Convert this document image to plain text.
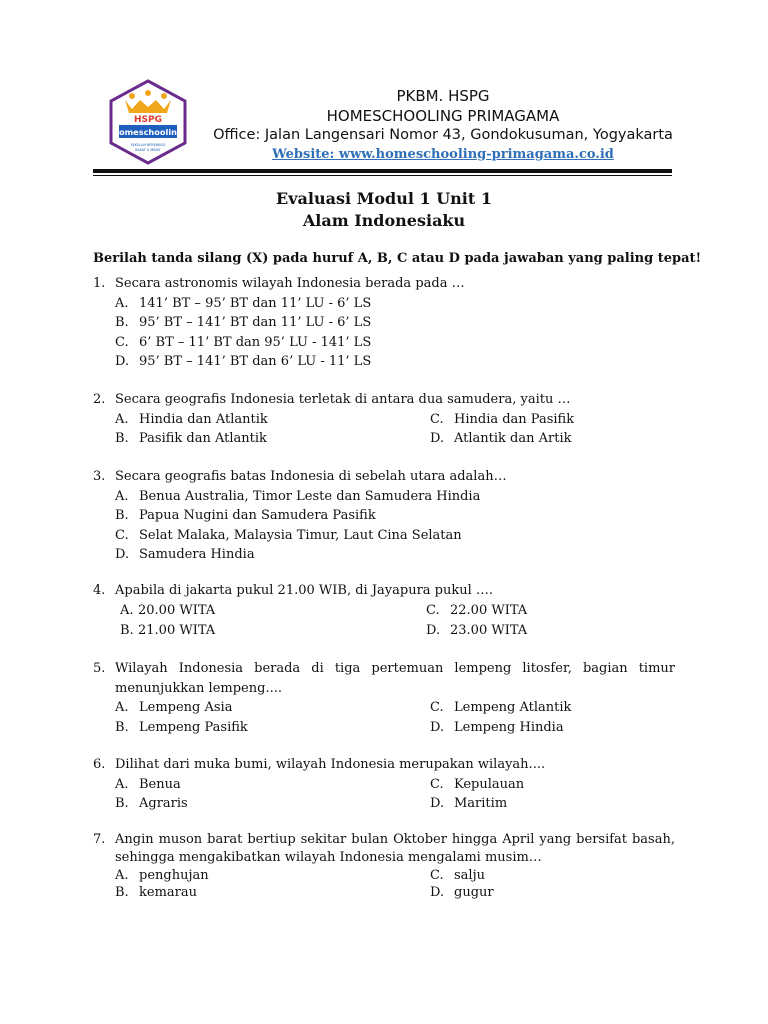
HSPG
homeschooling
SEKOLAH BEREBASIS
BAKAT & MINAT
PKBM. HSPG
HOMESCHOOLING PRIMAGAMA
Office: Jalan Langensari Nomor 43, Gondokusuman, Yogyakarta
Website: www.homeschooling-primagama.co.id
Evaluasi Modul 1 Unit 1
Alam Indonesiaku
Berilah tanda silang (X) pada huruf A, B, C atau D pada jawaban yang paling tepat!
1. Secara astronomis wilayah Indonesia berada pada …
A. 141’ BT – 95’ BT dan 11’ LU - 6’ LS
B. 95’ BT – 141’ BT dan 11’ LU - 6’ LS
C. 6’ BT – 11’ BT dan 95’ LU - 141’ LS
D. 95’ BT – 141’ BT dan 6’ LU - 11’ LS
2. Secara geografis Indonesia terletak di antara dua samudera, yaitu …
A. Hindia dan Atlantik	C. Hindia dan Pasifik
B. Pasifik dan Atlantik	D. Atlantik dan Artik
3. Secara geografis batas Indonesia di sebelah utara adalah…
A. Benua Australia, Timor Leste dan Samudera Hindia
B. Papua Nugini dan Samudera Pasifik
C. Selat Malaka, Malaysia Timur, Laut Cina Selatan
D. Samudera Hindia
4. Apabila di jakarta pukul 21.00 WIB, di Jayapura pukul ….
A. 20.00 WITA	C. 22.00 WITA
B. 21.00 WITA	D. 23.00 WITA
5. Wilayah Indonesia berada di tiga pertemuan lempeng litosfer, bagian timur menunjukkan lempeng....
A. Lempeng Asia	C. Lempeng Atlantik
B. Lempeng Pasifik	D. Lempeng Hindia
6. Dilihat dari muka bumi, wilayah Indonesia merupakan wilayah....
A. Benua	C. Kepulauan
B. Agraris	D. Maritim
7. Angin muson barat bertiup sekitar bulan Oktober hingga April yang bersifat basah, sehingga mengakibatkan wilayah Indonesia mengalami musim…
A. penghujan	C. salju
B. kemarau	D. gugur
